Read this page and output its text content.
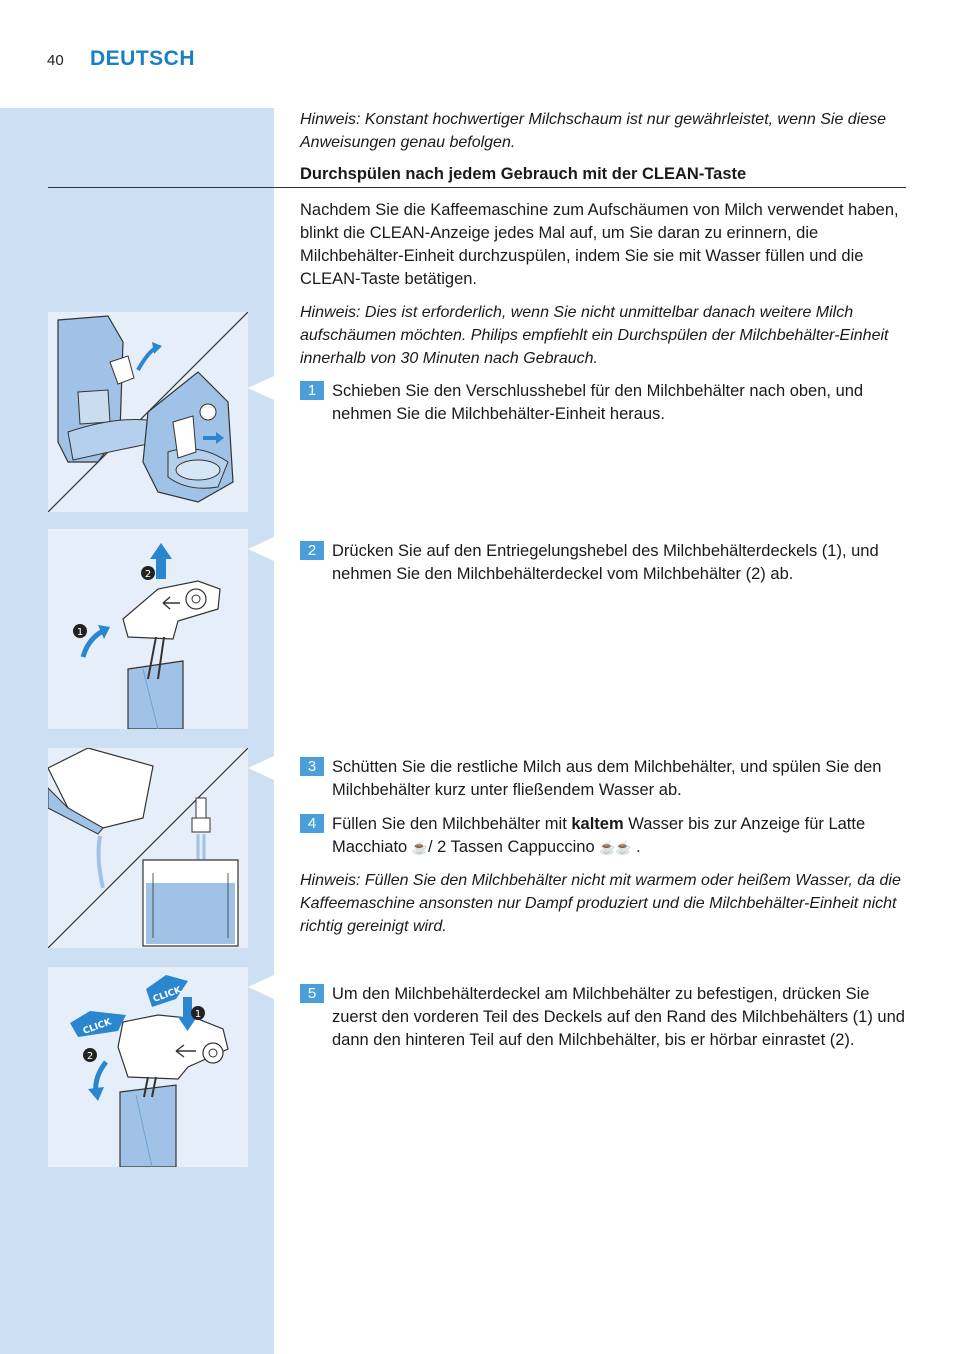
40 DEUTSCH
Hinweis: Konstant hochwertiger Milchschaum ist nur gewährleistet, wenn Sie diese Anweisungen genau befolgen.
Durchspülen nach jedem Gebrauch mit der CLEAN-Taste
Nachdem Sie die Kaffeemaschine zum Aufschäumen von Milch verwendet haben, blinkt die CLEAN-Anzeige jedes Mal auf, um Sie daran zu erinnern, die Milchbehälter-Einheit durchzuspülen, indem Sie sie mit Wasser füllen und die CLEAN-Taste betätigen.
Hinweis: Dies ist erforderlich, wenn Sie nicht unmittelbar danach weitere Milch aufschäumen möchten. Philips empfiehlt ein Durchspülen der Milchbehälter-Einheit innerhalb von 30 Minuten nach Gebrauch.
1 Schieben Sie den Verschlusshebel für den Milchbehälter nach oben, und nehmen Sie die Milchbehälter-Einheit heraus.
2 Drücken Sie auf den Entriegelungshebel des Milchbehälterdeckels (1), und nehmen Sie den Milchbehälterdeckel vom Milchbehälter (2) ab.
3 Schütten Sie die restliche Milch aus dem Milchbehälter, und spülen Sie den Milchbehälter kurz unter fließendem Wasser ab.
4 Füllen Sie den Milchbehälter mit kaltem Wasser bis zur Anzeige für Latte Macchiato ☕/ 2 Tassen Cappuccino ☕☕ .
Hinweis: Füllen Sie den Milchbehälter nicht mit warmem oder heißem Wasser, da die Kaffeemaschine ansonsten nur Dampf produziert und die Milchbehälter-Einheit nicht richtig gereinigt wird.
5 Um den Milchbehälterdeckel am Milchbehälter zu befestigen, drücken Sie zuerst den vorderen Teil des Deckels auf den Rand des Milchbehälters (1) und dann den hinteren Teil auf den Milchbehälter, bis er hörbar einrastet (2).
2
1
CLICK
CLICK
1
2
